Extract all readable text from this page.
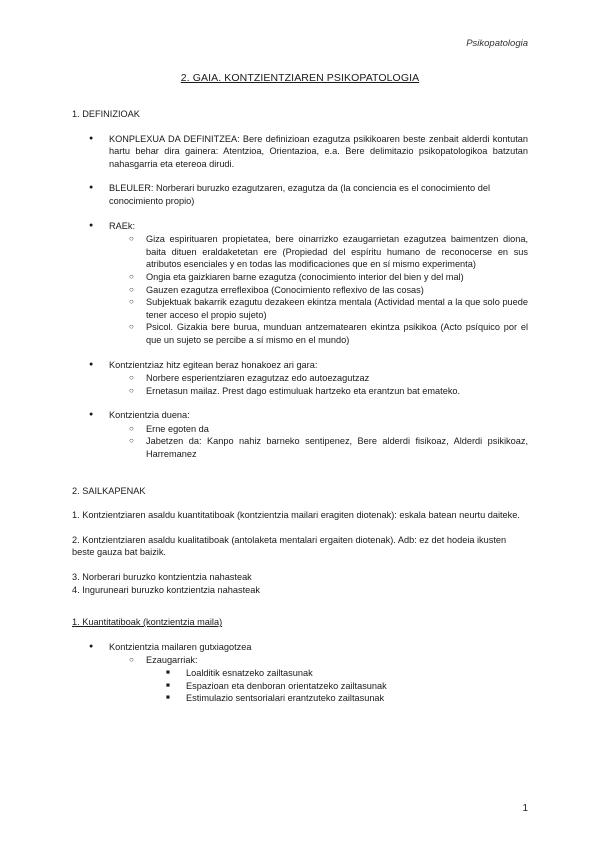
Psikopatologia
2. GAIA. KONTZIENTZIAREN PSIKOPATOLOGIA
1. DEFINIZIOAK
● KONPLEXUA DA DEFINITZEA: Bere definizioan ezagutza psikikoaren beste zenbait alderdi kontutan hartu behar dira gainera: Atentzioa, Orientazioa, e.a. Bere delimitazio psikopatologikoa batzutan nahasgarria eta etereoa dirudi.
● BLEULER: Norberari buruzko ezagutzaren, ezagutza da (la conciencia es el conocimiento del conocimiento propio)
● RAEk:
○ Giza espirituaren propietatea, bere oinarrizko ezaugarrietan ezagutzea baimentzen diona, baita dituen eraldaketetan ere (Propiedad del espíritu humano de reconocerse en sus atributos esenciales y en todas las modificaciones que en sí mismo experimenta)
○ Ongia eta gaizkiaren barne ezagutza (conocimiento interior del bien y del mal)
○ Gauzen ezagutza erreflexiboa (Conocimiento reflexivo de las cosas)
○ Subjektuak bakarrik ezagutu dezakeen ekintza mentala (Actividad mental a la que solo puede tener acceso el propio sujeto)
○ Psicol. Gizakia bere burua, munduan antzematearen ekintza psikikoa (Acto psíquico por el que un sujeto se percibe a sí mismo en el mundo)
● Kontzientziaz hitz egitean beraz honakoez ari gara:
○ Norbere esperientziaren ezagutzaz edo autoezagutzaz
○ Ernetasun mailaz. Prest dago estimuluak hartzeko eta erantzun bat emateko.
● Kontzientzia duena:
○ Erne egoten da
○ Jabetzen da: Kanpo nahiz barneko sentipenez, Bere alderdi fisikoaz, Alderdi psikikoaz, Harremanez
2. SAILKAPENAK

1. Kontzientziaren asaldu kuantitatiboak (kontzientzia mailari eragiten diotenak): eskala batean neurtu daiteke.

2. Kontzientziaren asaldu kualitatiboak (antolaketa mentalari ergaiten diotenak). Adb: ez det hodeia ikusten beste gauza bat baizik.

3. Norberari buruzko kontzientzia nahasteak
4. Inguruneari buruzko kontzientzia nahasteak
1. Kuantitatiboak (kontzientzia maila)
● Kontzientzia mailaren gutxiagotzea
○ Ezaugarriak:
■ Loalditik esnatzeko zailtasunak
■ Espazioan eta denboran orientatzeko zailtasunak
■ Estimulazio sentsorialari erantzuteko zailtasunak
1
